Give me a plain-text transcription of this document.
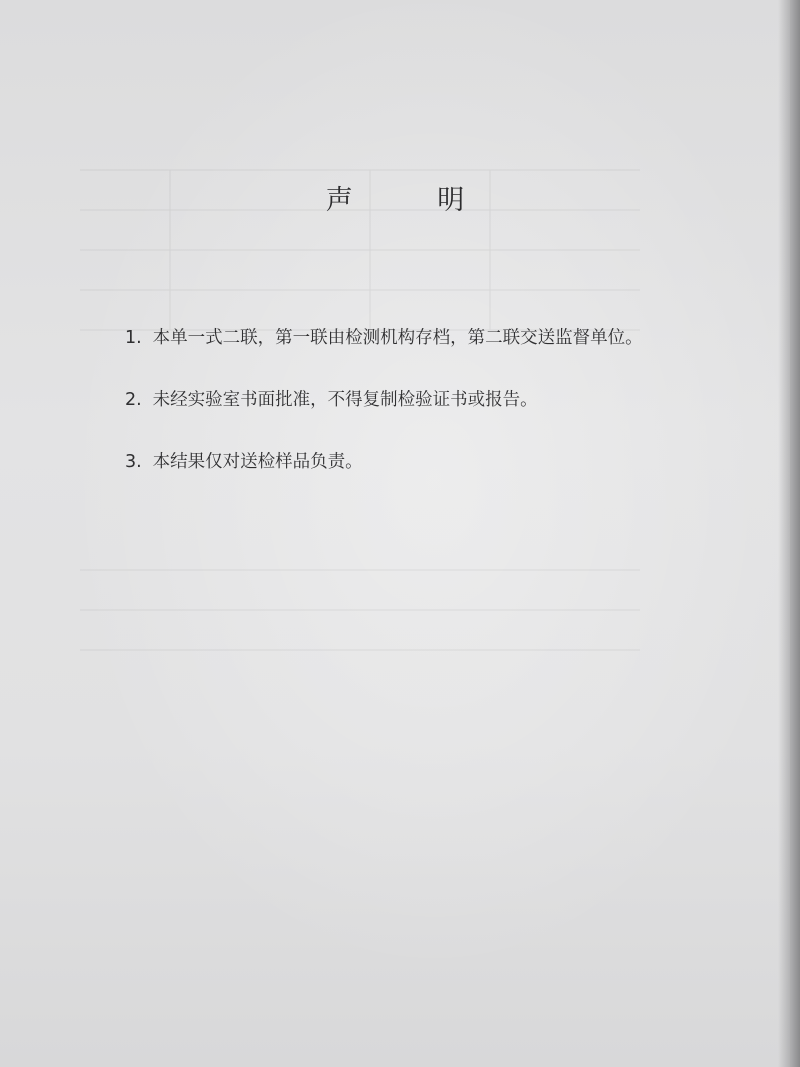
声 明
1. 本单一式二联，第一联由检测机构存档，第二联交送监督单位。
2. 未经实验室书面批准，不得复制检验证书或报告。
3. 本结果仅对送检样品负责。
